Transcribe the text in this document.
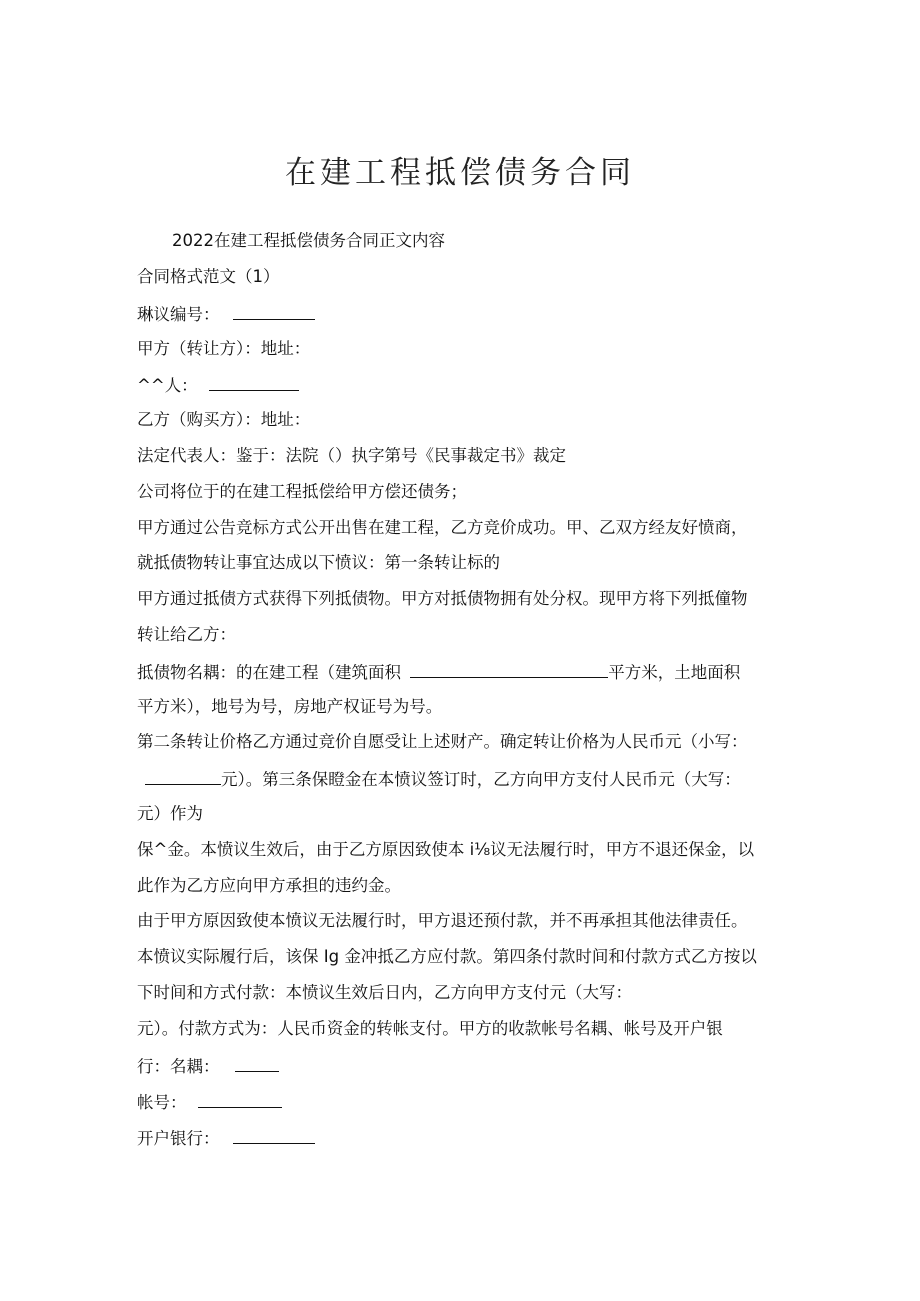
在建工程抵偿债务合同
2022在建工程抵偿债务合同正文内容
合同格式范文（1）
琳议编号：
甲方（转让方）：地址：
^^人：
乙方（购买方）：地址：
法定代表人：鉴于：法院（）执字第号《民事裁定书》裁定
公司将位于的在建工程抵偿给甲方偿还债务；
甲方通过公告竞标方式公开出售在建工程，乙方竞价成功。甲、乙双方经友好愤商，
就抵债物转让事宜达成以下愤议：第一条转让标的
甲方通过抵债方式获得下列抵债物。甲方对抵债物拥有处分权。现甲方将下列抵僮物
转让给乙方：
抵债物名耦：的在建工程（建筑面积	平方米，土地面积
平方米），地号为号，房地产权证号为号。
第二条转让价格乙方通过竞价自愿受让上述财产。确定转让价格为人民币元（小写：
元）。第三条保瞪金在本愤议签订时，乙方向甲方支付人民币元（大写：
元）作为
保^金。本愤议生效后，由于乙方原因致使本 i⅛议无法履行时，甲方不退还保金，以
此作为乙方应向甲方承担的违约金。
由于甲方原因致使本愤议无法履行时，甲方退还预付款，并不再承担其他法律责任。
本愤议实际履行后，该保 Ig 金冲抵乙方应付款。第四条付款时间和付款方式乙方按以
下时间和方式付款：本愤议生效后日内，乙方向甲方支付元（大写：
元）。付款方式为：人民币资金的转帐支付。甲方的收款帐号名耦、帐号及开户银
行：名耦：
帐号：
开户银行：
